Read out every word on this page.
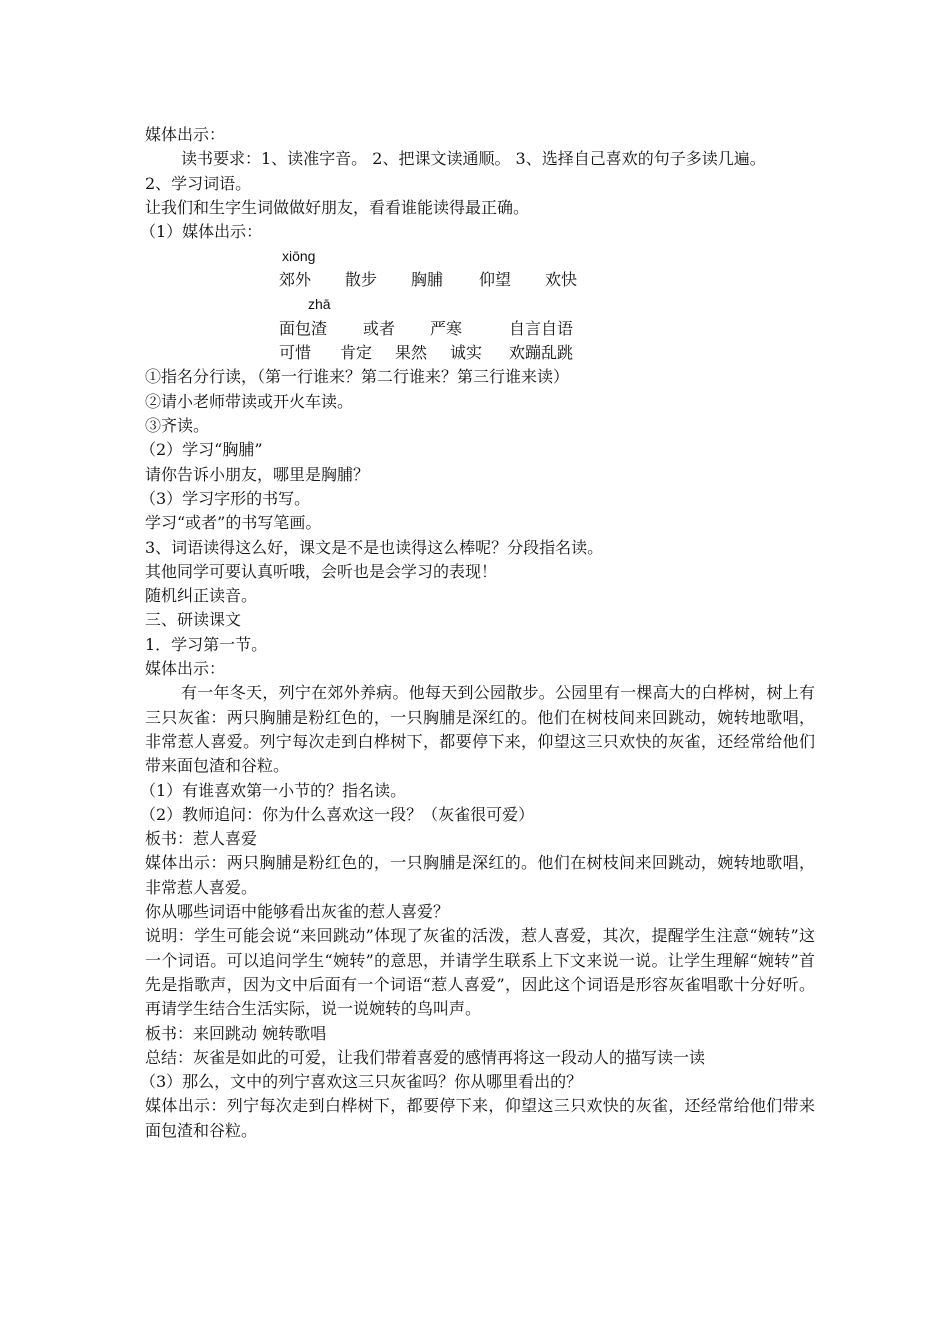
媒体出示：

读书要求：1、读准字音。 2、把课文读通顺。 3、选择自己喜欢的句子多读几遍。

2、学习词语。

让我们和生字生词做做好朋友，看看谁能读得最正确。

（1）媒体出示：

xiōng
郊外 散步 胸脯 仰望 欢快
zhā
面包渣 或者 严寒	自言自语
可惜 肯定 果然 诚实 欢蹦乱跳

①指名分行读，（第一行谁来？第二行谁来？第三行谁来读）

②请小老师带读或开火车读。

③齐读。

（2）学习“胸脯”

请你告诉小朋友，哪里是胸脯？

（3）学习字形的书写。

学习“或者”的书写笔画。

3、词语读得这么好，课文是不是也读得这么棒呢？分段指名读。

其他同学可要认真听哦，会听也是会学习的表现！

随机纠正读音。

三、研读课文

1．学习第一节。

媒体出示：

有一年冬天，列宁在郊外养病。他每天到公园散步。公园里有一棵高大的白桦树，树上有三只灰雀：两只胸脯是粉红色的，一只胸脯是深红的。他们在树枝间来回跳动，婉转地歌唱，非常惹人喜爱。列宁每次走到白桦树下，都要停下来，仰望这三只欢快的灰雀，还经常给他们带来面包渣和谷粒。

（1）有谁喜欢第一小节的？指名读。

（2）教师追问：你为什么喜欢这一段？（灰雀很可爱）

板书：惹人喜爱

媒体出示：两只胸脯是粉红色的，一只胸脯是深红的。他们在树枝间来回跳动，婉转地歌唱， 非常惹人喜爱。

你从哪些词语中能够看出灰雀的惹人喜爱？

说明：学生可能会说“来回跳动”体现了灰雀的活泼，惹人喜爱，其次，提醒学生注意“婉转”这一个词语。可以追问学生“婉转”的意思，并请学生联系上下文来说一说。让学生理解“婉转”首先是指歌声，因为文中后面有一个词语“惹人喜爱”，因此这个词语是形容灰雀唱歌十分好听。再请学生结合生活实际，说一说婉转的鸟叫声。

板书：来回跳动 婉转歌唱

总结：灰雀是如此的可爱，让我们带着喜爱的感情再将这一段动人的描写读一读

（3）那么，文中的列宁喜欢这三只灰雀吗？你从哪里看出的？

媒体出示：列宁每次走到白桦树下，都要停下来，仰望这三只欢快的灰雀，还经常给他们带来面包渣和谷粒。
